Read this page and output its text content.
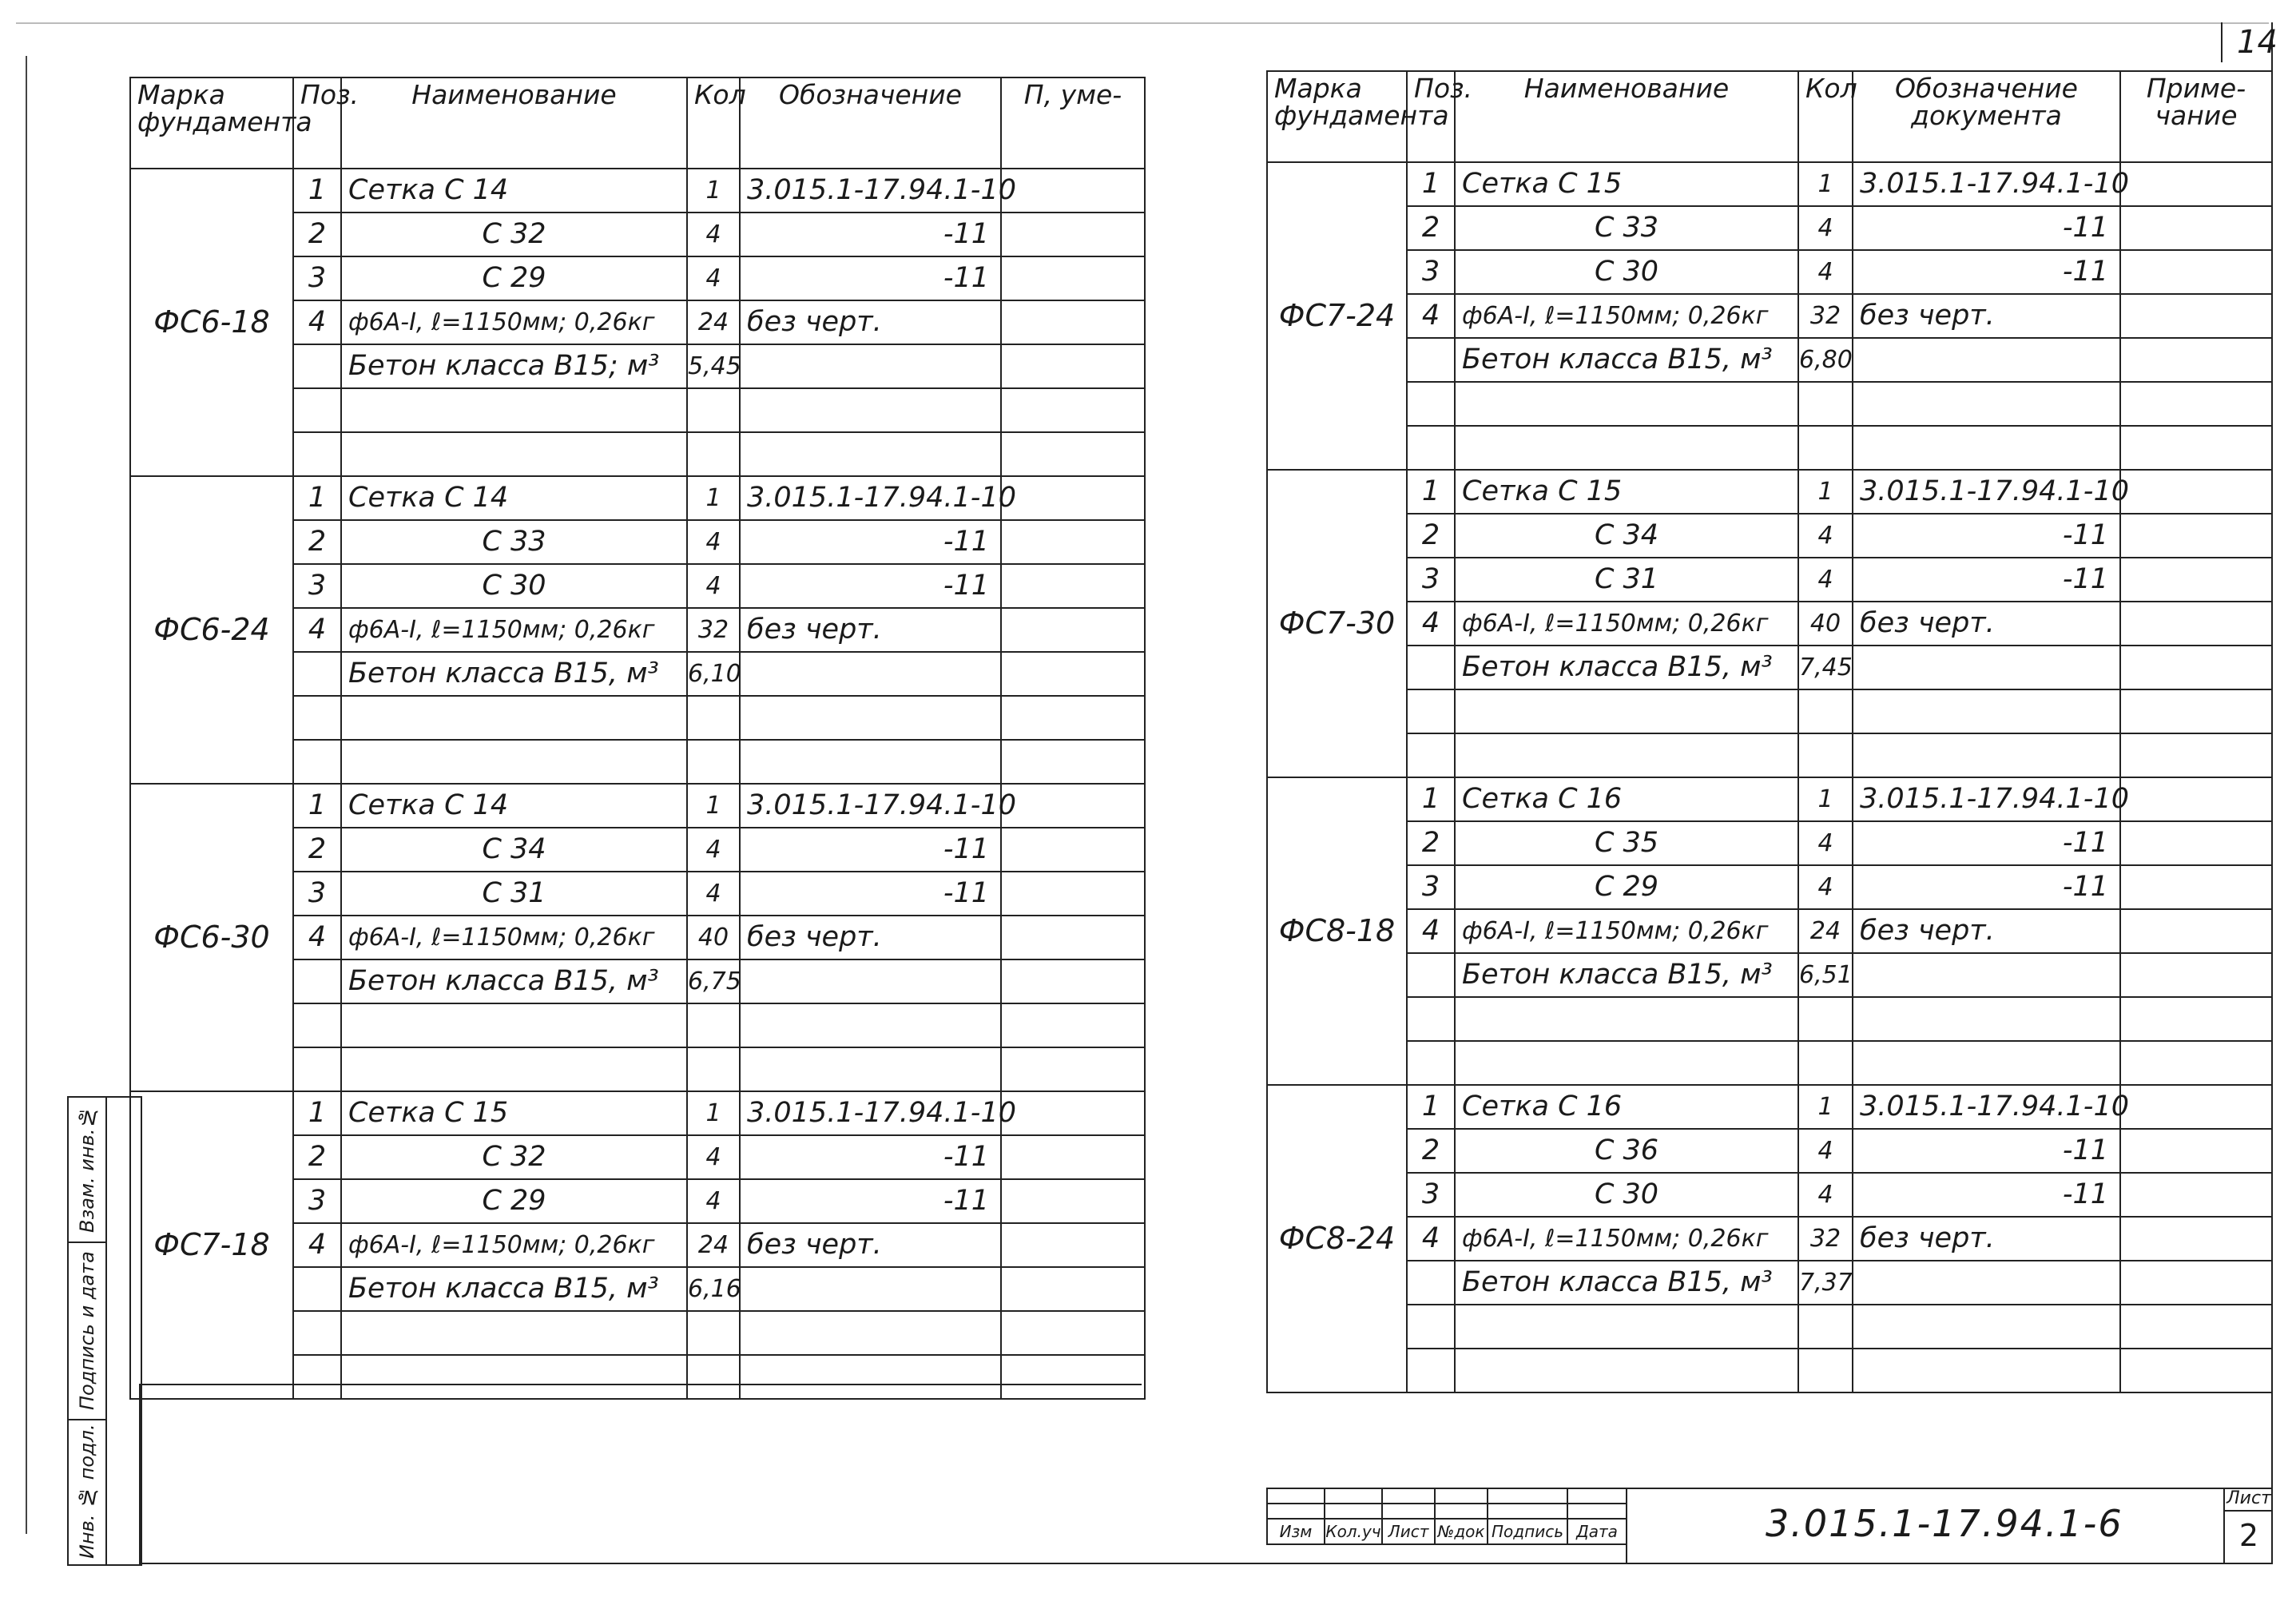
14
Марка фундамента	Поз.	Наименование	Кол	Обозначение	П, уме-
ФС6-18	1	Сетка С 14	1	3.015.1-17.94.1-10	
	2	С 32	4	-11	
	3	С 29	4	-11	
	4	ф6А-I, ℓ=1150мм; 0,26кг	24	без черт.	
		Бетон класса В15; м³	5,45		

ФС6-24	1	Сетка С 14	1	3.015.1-17.94.1-10	
	2	С 33	4	-11	
	3	С 30	4	-11	
	4	ф6А-I, ℓ=1150мм; 0,26кг	32	без черт.	
		Бетон класса В15, м³	6,10		

ФС6-30	1	Сетка С 14	1	3.015.1-17.94.1-10	
	2	С 34	4	-11	
	3	С 31	4	-11	
	4	ф6А-I, ℓ=1150мм; 0,26кг	40	без черт.	
		Бетон класса В15, м³	6,75		

ФС7-18	1	Сетка С 15	1	3.015.1-17.94.1-10	
	2	С 32	4	-11	
	3	С 29	4	-11	
	4	ф6А-I, ℓ=1150мм; 0,26кг	24	без черт.	
		Бетон класса В15, м³	6,16		

Марка фундамента	Поз.	Наименование	Кол	Обозначение документа	Приме-чание
ФС7-24	1	Сетка С 15	1	3.015.1-17.94.1-10	
	2	С 33	4	-11	
	3	С 30	4	-11	
	4	ф6А-I, ℓ=1150мм; 0,26кг	32	без черт.	
		Бетон класса В15, м³	6,80		

ФС7-30	1	Сетка С 15	1	3.015.1-17.94.1-10	
	2	С 34	4	-11	
	3	С 31	4	-11	
	4	ф6А-I, ℓ=1150мм; 0,26кг	40	без черт.	
		Бетон класса В15, м³	7,45		

ФС8-18	1	Сетка С 16	1	3.015.1-17.94.1-10	
	2	С 35	4	-11	
	3	С 29	4	-11	
	4	ф6А-I, ℓ=1150мм; 0,26кг	24	без черт.	
		Бетон класса В15, м³	6,51		

ФС8-24	1	Сетка С 16	1	3.015.1-17.94.1-10	
	2	С 36	4	-11	
	3	С 30	4	-11	
	4	ф6А-I, ℓ=1150мм; 0,26кг	32	без черт.	
		Бетон класса В15, м³	7,37		

Взам. инв.№
Подпись и дата
Инв. № подл.

						Изм	Кол.уч	Лист	№док	Подпись	Дата	3.015.1-17.94.1-6
Лист
2
